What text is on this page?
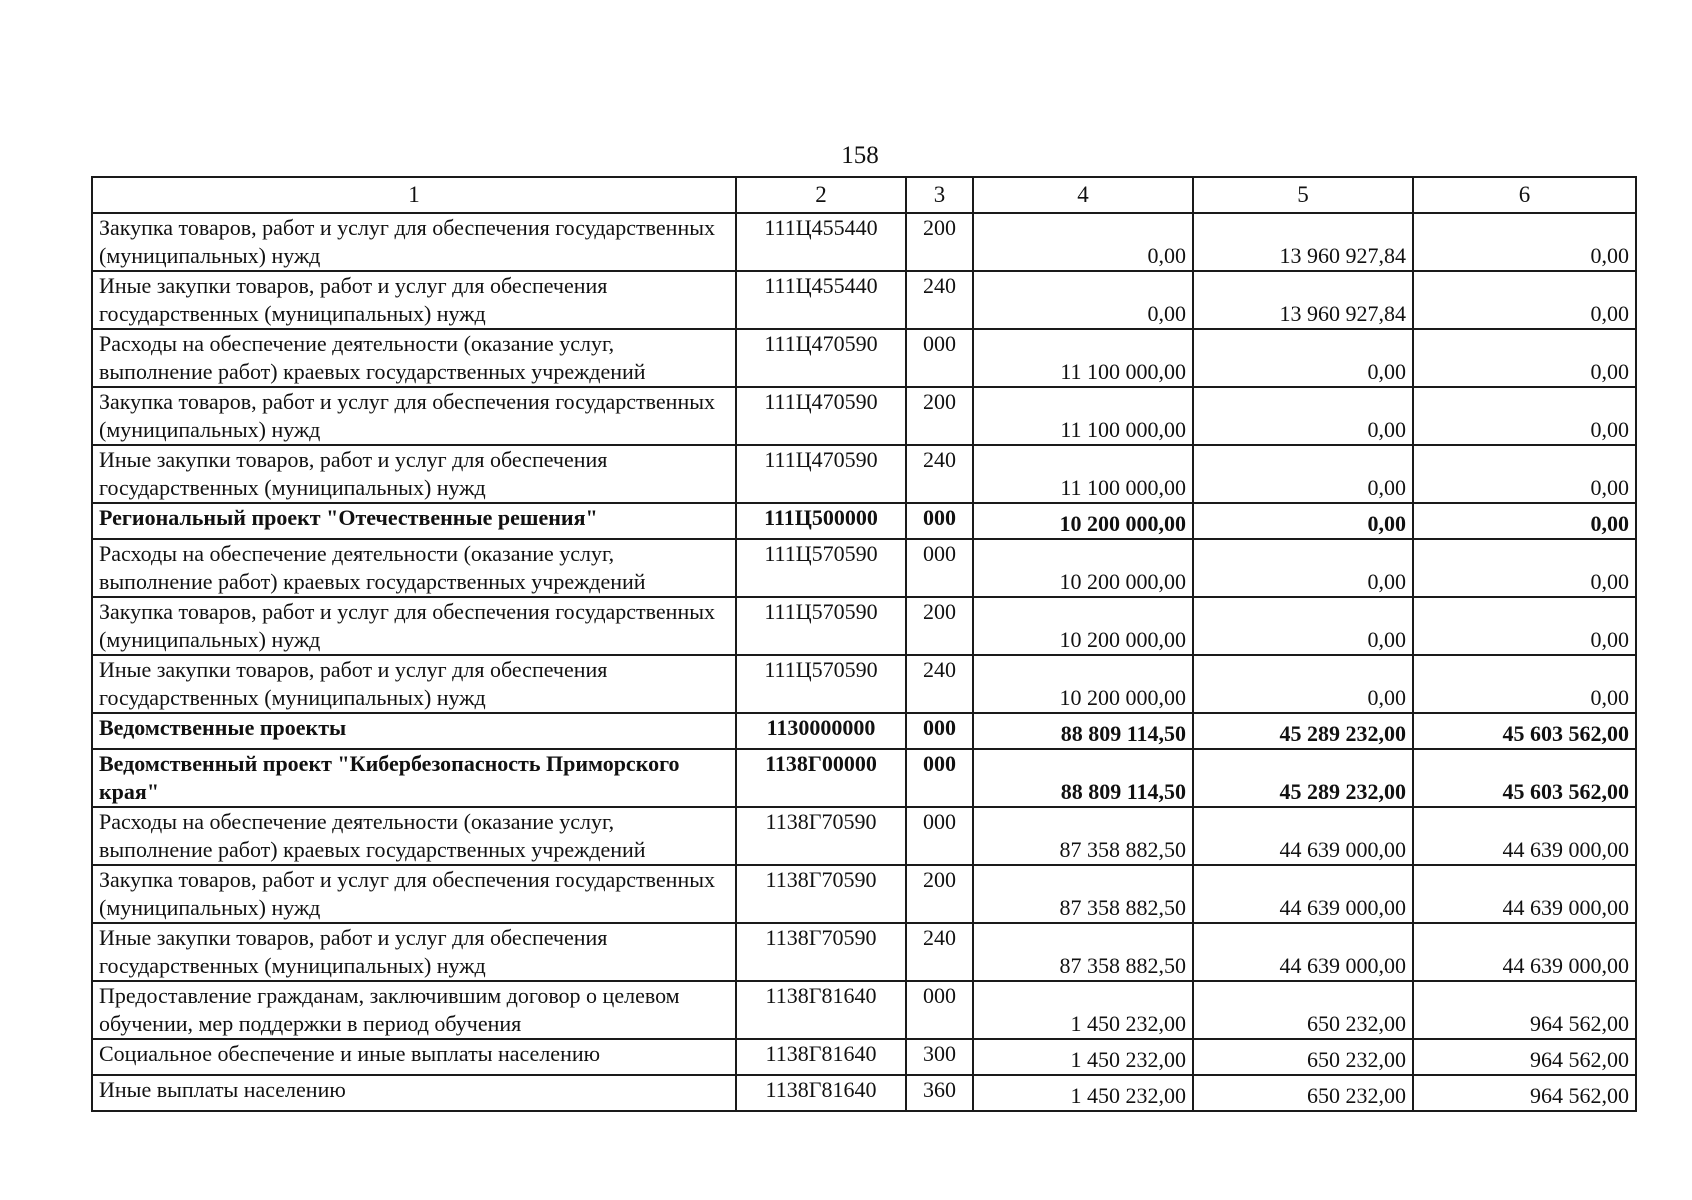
158
1	2	3	4	5	6
Закупка товаров, работ и услуг для обеспечения государственных (муниципальных) нужд	111Ц455440	200	0,00	13 960 927,84	0,00
Иные закупки товаров, работ и услуг для обеспечения государственных (муниципальных) нужд	111Ц455440	240	0,00	13 960 927,84	0,00
Расходы на обеспечение деятельности (оказание услуг, выполнение работ) краевых государственных учреждений	111Ц470590	000	11 100 000,00	0,00	0,00
Закупка товаров, работ и услуг для обеспечения государственных (муниципальных) нужд	111Ц470590	200	11 100 000,00	0,00	0,00
Иные закупки товаров, работ и услуг для обеспечения государственных (муниципальных) нужд	111Ц470590	240	11 100 000,00	0,00	0,00
Региональный проект "Отечественные решения"	111Ц500000	000	10 200 000,00	0,00	0,00
Расходы на обеспечение деятельности (оказание услуг, выполнение работ) краевых государственных учреждений	111Ц570590	000	10 200 000,00	0,00	0,00
Закупка товаров, работ и услуг для обеспечения государственных (муниципальных) нужд	111Ц570590	200	10 200 000,00	0,00	0,00
Иные закупки товаров, работ и услуг для обеспечения государственных (муниципальных) нужд	111Ц570590	240	10 200 000,00	0,00	0,00
Ведомственные проекты	1130000000	000	88 809 114,50	45 289 232,00	45 603 562,00
Ведомственный проект "Кибербезопасность Приморского края"	1138Г00000	000	88 809 114,50	45 289 232,00	45 603 562,00
Расходы на обеспечение деятельности (оказание услуг, выполнение работ) краевых государственных учреждений	1138Г70590	000	87 358 882,50	44 639 000,00	44 639 000,00
Закупка товаров, работ и услуг для обеспечения государственных (муниципальных) нужд	1138Г70590	200	87 358 882,50	44 639 000,00	44 639 000,00
Иные закупки товаров, работ и услуг для обеспечения государственных (муниципальных) нужд	1138Г70590	240	87 358 882,50	44 639 000,00	44 639 000,00
Предоставление гражданам, заключившим договор о целевом обучении, мер поддержки в период обучения	1138Г81640	000	1 450 232,00	650 232,00	964 562,00
Социальное обеспечение и иные выплаты населению	1138Г81640	300	1 450 232,00	650 232,00	964 562,00
Иные выплаты населению	1138Г81640	360	1 450 232,00	650 232,00	964 562,00
